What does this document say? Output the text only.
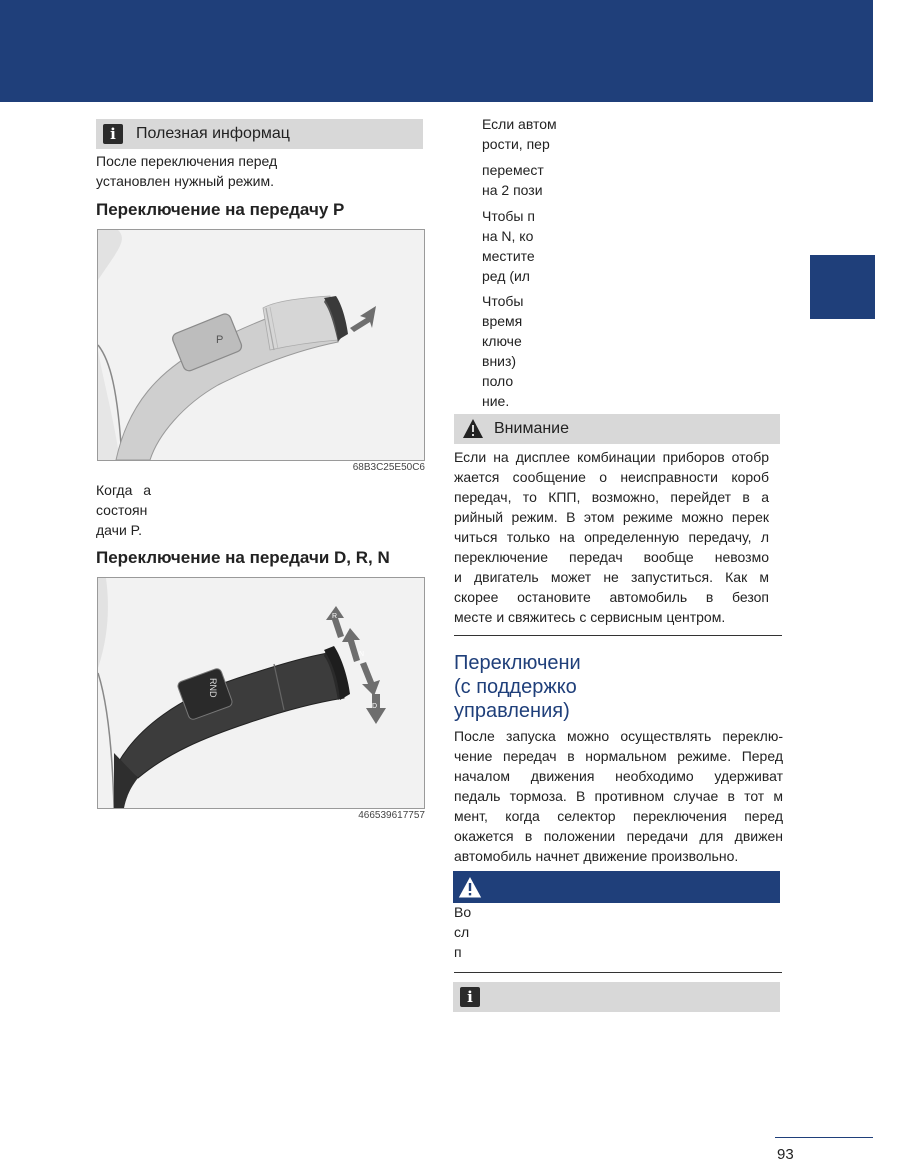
i	Полезная информац
После переключения перед
установлен нужный режим.
Переключение на передачу P
P
68B3C25E50C6
Когда а
состоян
дачи P.
Переключение на передачи D, R, N
RND
R
N
D
466539617757
Если автом
рости, пер
перемест
на 2 пози
Чтобы п
на N, ко
местите
ред (ил
Чтобы
время
ключе
вниз)
поло
ние.
Внимание
Если на дисплее комбинации приборов отобр
жается сообщение о неисправности короб
передач, то КПП, возможно, перейдет в а
рийный режим. В этом режиме можно перек
читься только на определенную передачу, л
переключение передач вообще невозмо
и двигатель может не запуститься. Как м
скорее остановите автомобиль в безоп
месте и свяжитесь с сервисным центром.
Переключени
(с поддержко
управления)
После запуска можно осуществлять переклю-
чение передач в нормальном режиме. Перед
началом движения необходимо удерживат
педаль тормоза. В противном случае в тот м
мент, когда селектор переключения перед
окажется в положении передачи для движен
автомобиль начнет движение произвольно.
Во
сл
п
i
93
